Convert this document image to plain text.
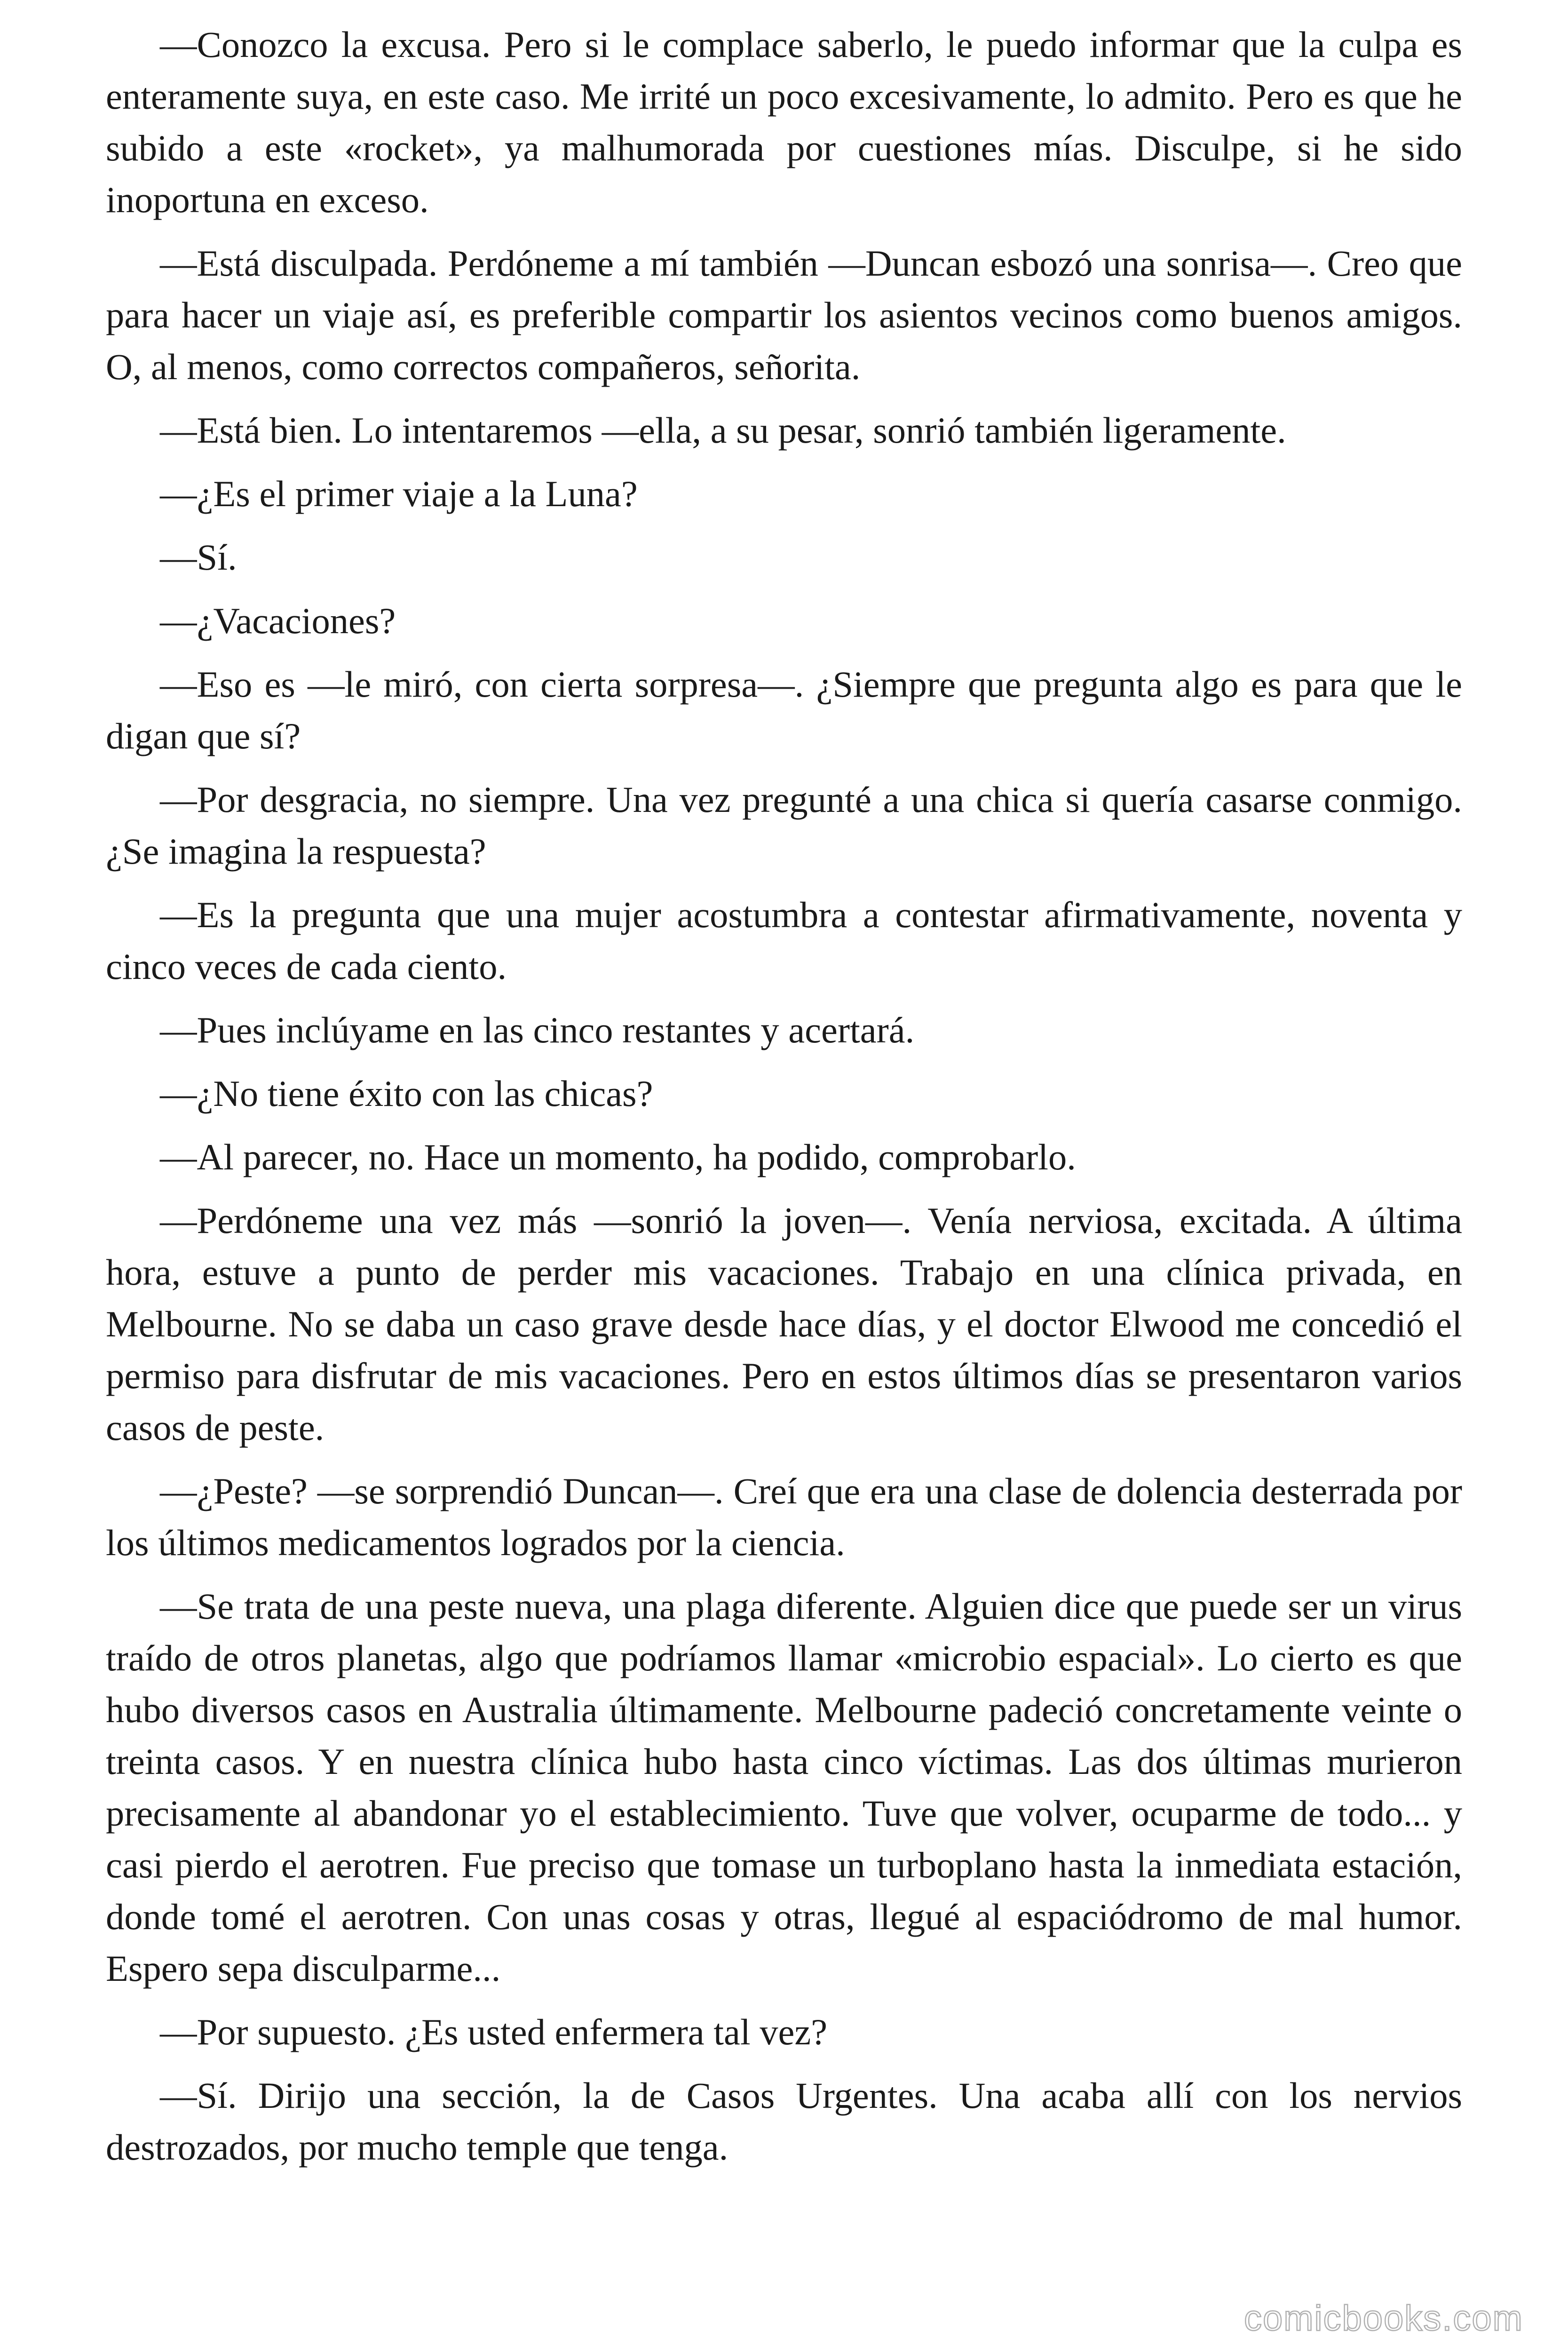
—Conozco la excusa. Pero si le complace saberlo, le puedo informar que la culpa es enteramente suya, en este caso. Me irrité un poco excesivamente, lo admito. Pero es que he subido a este «rocket», ya malhumorada por cuestiones mías. Disculpe, si he sido inoportuna en exceso.

—Está disculpada. Perdóneme a mí también —Duncan esbozó una sonrisa—. Creo que para hacer un viaje así, es preferible compartir los asientos vecinos como buenos amigos. O, al menos, como correctos compañeros, señorita.

—Está bien. Lo intentaremos —ella, a su pesar, sonrió también ligeramente.

—¿Es el primer viaje a la Luna?

—Sí.

—¿Vacaciones?

—Eso es —le miró, con cierta sorpresa—. ¿Siempre que pregunta algo es para que le digan que sí?

—Por desgracia, no siempre. Una vez pregunté a una chica si quería casarse conmigo. ¿Se imagina la respuesta?

—Es la pregunta que una mujer acostumbra a contestar afirmativamente, noventa y cinco veces de cada ciento.

—Pues inclúyame en las cinco restantes y acertará.

—¿No tiene éxito con las chicas?

—Al parecer, no. Hace un momento, ha podido, comprobarlo.

—Perdóneme una vez más —sonrió la joven—. Venía nerviosa, excitada. A última hora, estuve a punto de perder mis vacaciones. Trabajo en una clínica privada, en Melbourne. No se daba un caso grave desde hace días, y el doctor Elwood me concedió el permiso para disfrutar de mis vacaciones. Pero en estos últimos días se presentaron varios casos de peste.

—¿Peste? —se sorprendió Duncan—. Creí que era una clase de dolencia desterrada por los últimos medicamentos logrados por la ciencia.

—Se trata de una peste nueva, una plaga diferente. Alguien dice que puede ser un virus traído de otros planetas, algo que podríamos llamar «microbio espacial». Lo cierto es que hubo diversos casos en Australia últimamente. Melbourne padeció concretamente veinte o treinta casos. Y en nuestra clínica hubo hasta cinco víctimas. Las dos últimas murieron precisamente al abandonar yo el establecimiento. Tuve que volver, ocuparme de todo... y casi pierdo el aerotren. Fue preciso que tomase un turboplano hasta la inmediata estación, donde tomé el aerotren. Con unas cosas y otras, llegué al espaciódromo de mal humor. Espero sepa disculparme...

—Por supuesto. ¿Es usted enfermera tal vez?

—Sí. Dirijo una sección, la de Casos Urgentes. Una acaba allí con los nervios destrozados, por mucho temple que tenga.

comicbooks.com
